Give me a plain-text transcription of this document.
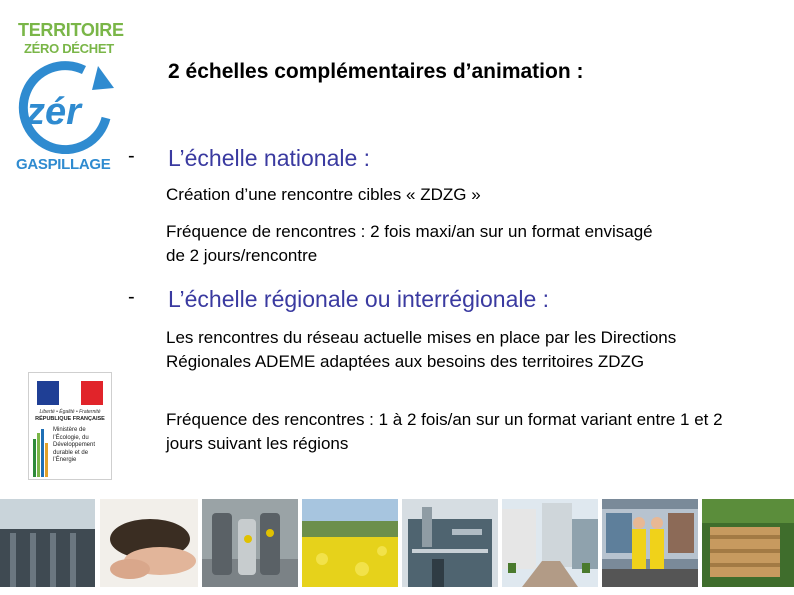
TERRITOIRE
ZÉRO DÉCHET
zér
GASPILLAGE
2 échelles complémentaires d’animation :
- L’échelle nationale :
Création d’une rencontre cibles « ZDZG »
Fréquence de rencontres : 2 fois maxi/an sur un format envisagé de 2 jours/rencontre
- L’échelle régionale ou interrégionale :
Les rencontres du réseau actuelle mises en place par les Directions Régionales ADEME adaptées aux besoins des territoires ZDZG
Fréquence des rencontres : 1 à 2 fois/an sur un format variant entre 1 et 2 jours suivant les régions
Liberté • Égalité • Fraternité
RÉPUBLIQUE FRANÇAISE
Ministère de l’Écologie, du Développement durable et de l’Énergie
